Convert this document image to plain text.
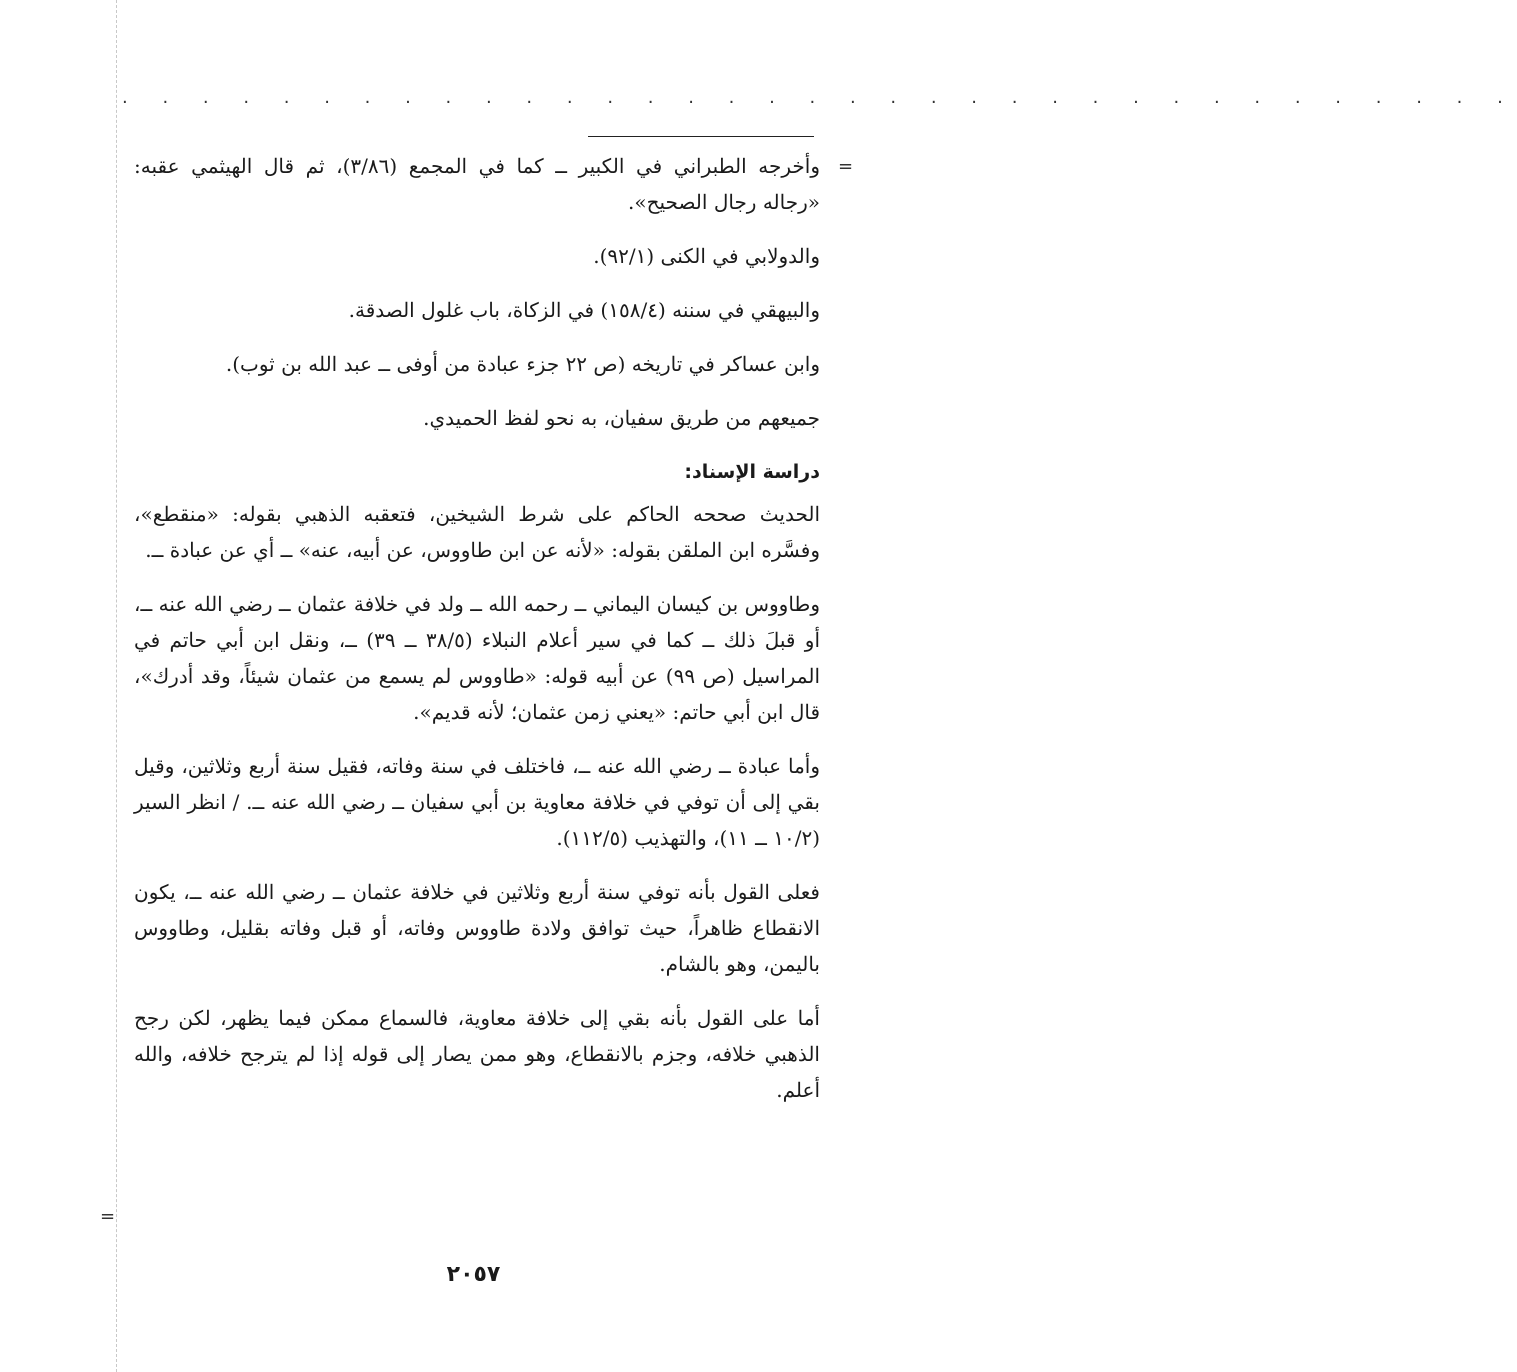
· · · · · · · · · · · · · · · · · · · · · · · · · · · · · · · · · · ·
=
=

وأخرجه الطبراني في الكبير ــ كما في المجمع (٣/٨٦)، ثم قال الهيثمي عقبه: «رجاله رجال الصحيح».

والدولابي في الكنى (٩٢/١).

والبيهقي في سننه (١٥٨/٤) في الزكاة، باب غلول الصدقة.

وابن عساكر في تاريخه (ص ٢٢ جزء عبادة من أوفى ــ عبد الله بن ثوب).

جميعهم من طريق سفيان، به نحو لفظ الحميدي.

دراسة الإسناد:

الحديث صححه الحاكم على شرط الشيخين، فتعقبه الذهبي بقوله: «منقطع»، وفسَّره ابن الملقن بقوله: «لأنه عن ابن طاووس، عن أبيه، عنه» ــ أي عن عبادة ــ.

وطاووس بن كيسان اليماني ــ رحمه الله ــ ولد في خلافة عثمان ــ رضي الله عنه ــ، أو قبلَ ذلك ــ كما في سير أعلام النبلاء (٣٨/٥ ــ ٣٩) ــ، ونقل ابن أبي حاتم في المراسيل (ص ٩٩) عن أبيه قوله: «طاووس لم يسمع من عثمان شيئاً، وقد أدرك»، قال ابن أبي حاتم: «يعني زمن عثمان؛ لأنه قديم».

وأما عبادة ــ رضي الله عنه ــ، فاختلف في سنة وفاته، فقيل سنة أربع وثلاثين، وقيل بقي إلى أن توفي في خلافة معاوية بن أبي سفيان ــ رضي الله عنه ــ. / انظر السير (١٠/٢ ــ ١١)، والتهذيب (١١٢/٥).

فعلى القول بأنه توفي سنة أربع وثلاثين في خلافة عثمان ــ رضي الله عنه ــ، يكون الانقطاع ظاهراً، حيث توافق ولادة طاووس وفاته، أو قبل وفاته بقليل، وطاووس باليمن، وهو بالشام.

أما على القول بأنه بقي إلى خلافة معاوية، فالسماع ممكن فيما يظهر، لكن رجح الذهبي خلافه، وجزم بالانقطاع، وهو ممن يصار إلى قوله إذا لم يترجح خلافه، والله أعلم.

٢٠٥٧
